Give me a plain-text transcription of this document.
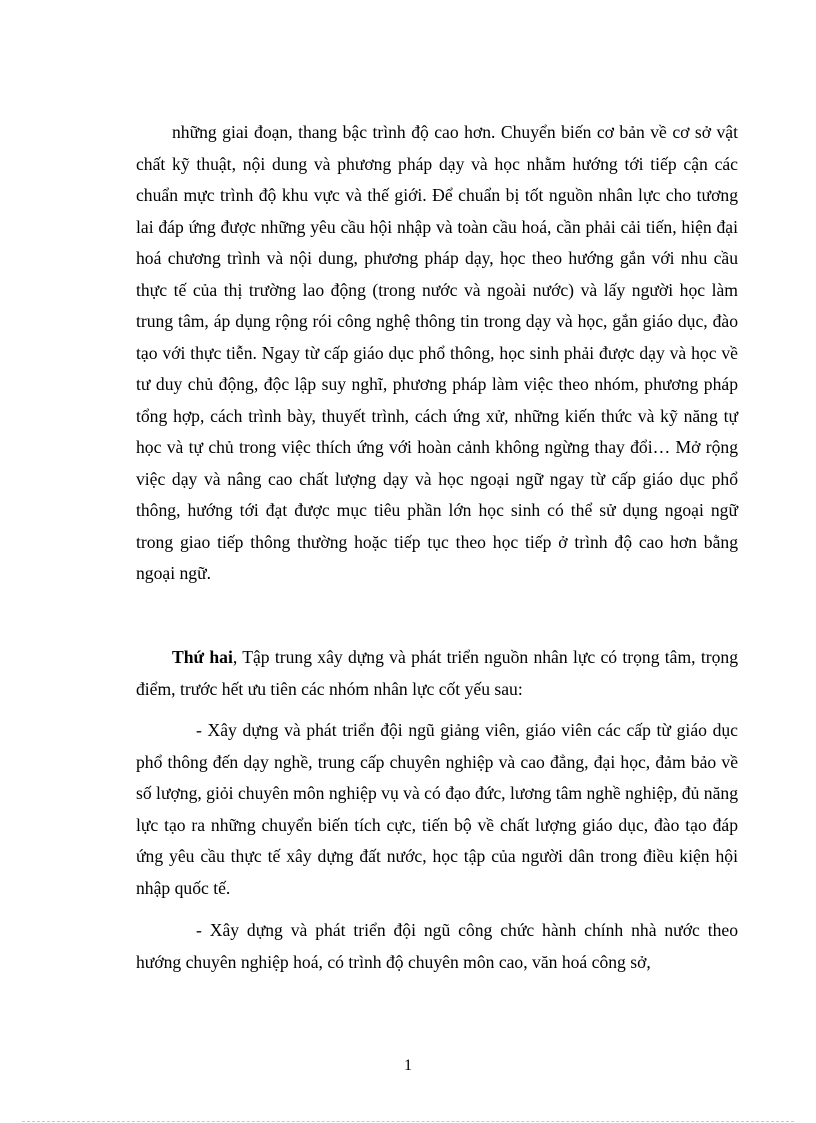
những giai đoạn, thang bậc trình độ cao hơn. Chuyển biến cơ bản về cơ sở vật chất kỹ thuật, nội dung và phương pháp dạy và học nhằm hướng tới tiếp cận các chuẩn mực trình độ khu vực và thế giới. Để chuẩn bị tốt nguồn nhân lực cho tương lai đáp ứng được những yêu cầu hội nhập và toàn cầu hoá, cần phải cải tiến, hiện đại hoá chương trình và nội dung, phương pháp dạy, học theo hướng gắn với nhu cầu thực tế của thị trường lao động (trong nước và ngoài nước) và lấy người học làm trung tâm, áp dụng rộng rói công nghệ thông tin trong dạy và học, gắn giáo dục, đào tạo với thực tiễn. Ngay từ cấp giáo dục phổ thông, học sinh phải được dạy và học về tư duy chủ động, độc lập suy nghĩ, phương pháp làm việc theo nhóm, phương pháp tổng hợp, cách trình bày, thuyết trình, cách ứng xử, những kiến thức và kỹ năng tự học và tự chủ trong việc thích ứng với hoàn cảnh không ngừng thay đổi… Mở rộng việc dạy và nâng cao chất lượng dạy và học ngoại ngữ ngay từ cấp giáo dục phổ thông, hướng tới đạt được mục tiêu phần lớn học sinh có thể sử dụng ngoại ngữ trong giao tiếp thông thường hoặc tiếp tục theo học tiếp ở trình độ cao hơn bằng ngoại ngữ.

Thứ hai, Tập trung xây dựng và phát triển nguồn nhân lực có trọng tâm, trọng điểm, trước hết ưu tiên các nhóm nhân lực cốt yếu sau:

- Xây dựng và phát triển đội ngũ giảng viên, giáo viên các cấp từ giáo dục phổ thông đến dạy nghề, trung cấp chuyên nghiệp và cao đẳng, đại học, đảm bảo về số lượng, giỏi chuyên môn nghiệp vụ và có đạo đức, lương tâm nghề nghiệp, đủ năng lực tạo ra những chuyển biến tích cực, tiến bộ về chất lượng giáo dục, đào tạo đáp ứng yêu cầu thực tế xây dựng đất nước, học tập của người dân trong điều kiện hội nhập quốc tế.

- Xây dựng và phát triển đội ngũ công chức hành chính nhà nước theo hướng chuyên nghiệp hoá, có trình độ chuyên môn cao, văn hoá công sở,

1
